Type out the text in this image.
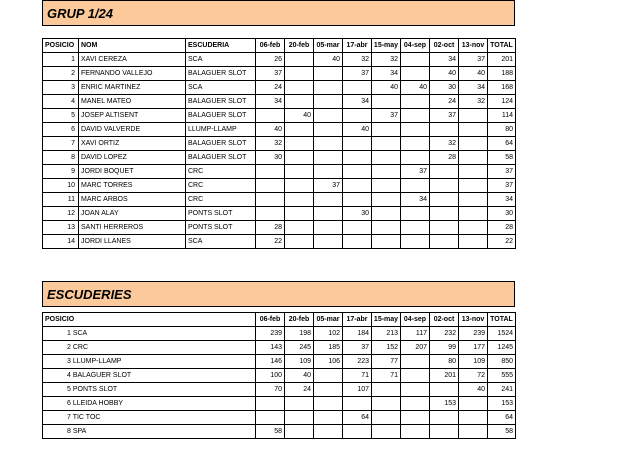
GRUP 1/24
POSICIO	NOM	ESCUDERIA	06-feb	20-feb	05-mar	17-abr	15-may	04-sep	02-oct	13-nov	TOTAL
1	XAVI CEREZA	SCA	26		40	32	32		34	37	201
2	FERNANDO VALLEJO	BALAGUER SLOT	37			37	34		40	40	188
3	ENRIC MARTINEZ	SCA	24				40	40	30	34	168
4	MANEL MATEO	BALAGUER SLOT	34			34			24	32	124
5	JOSEP ALTISENT	BALAGUER SLOT		40			37		37		114
6	DAVID VALVERDE	LLUMP-LLAMP	40			40					80
7	XAVI ORTIZ	BALAGUER SLOT	32						32		64
8	DAVID LOPEZ	BALAGUER SLOT	30						28		58
9	JORDI BOQUET	CRC						37			37
10	MARC TORRES	CRC			37						37
11	MARC ARBOS	CRC						34			34
12	JOAN ALAY	PONTS SLOT				30					30
13	SANTI HERREROS	PONTS SLOT	28								28
14	JORDI LLANES	SCA	22								22
ESCUDERIES
POSICIO	06-feb	20-feb	05-mar	17-abr	15-may	04-sep	02-oct	13-nov	TOTAL
1 SCA	239	198	102	184	213	117	232	239	1524
2 CRC	143	245	185	37	152	207	99	177	1245
3 LLUMP-LLAMP	146	109	106	223	77		80	109	850
4 BALAGUER SLOT	100	40		71	71		201	72	555
5 PONTS SLOT	70	24		107				40	241
6 LLEIDA HOBBY							153		153
7 TIC TOC				64					64
8 SPA	58								58
